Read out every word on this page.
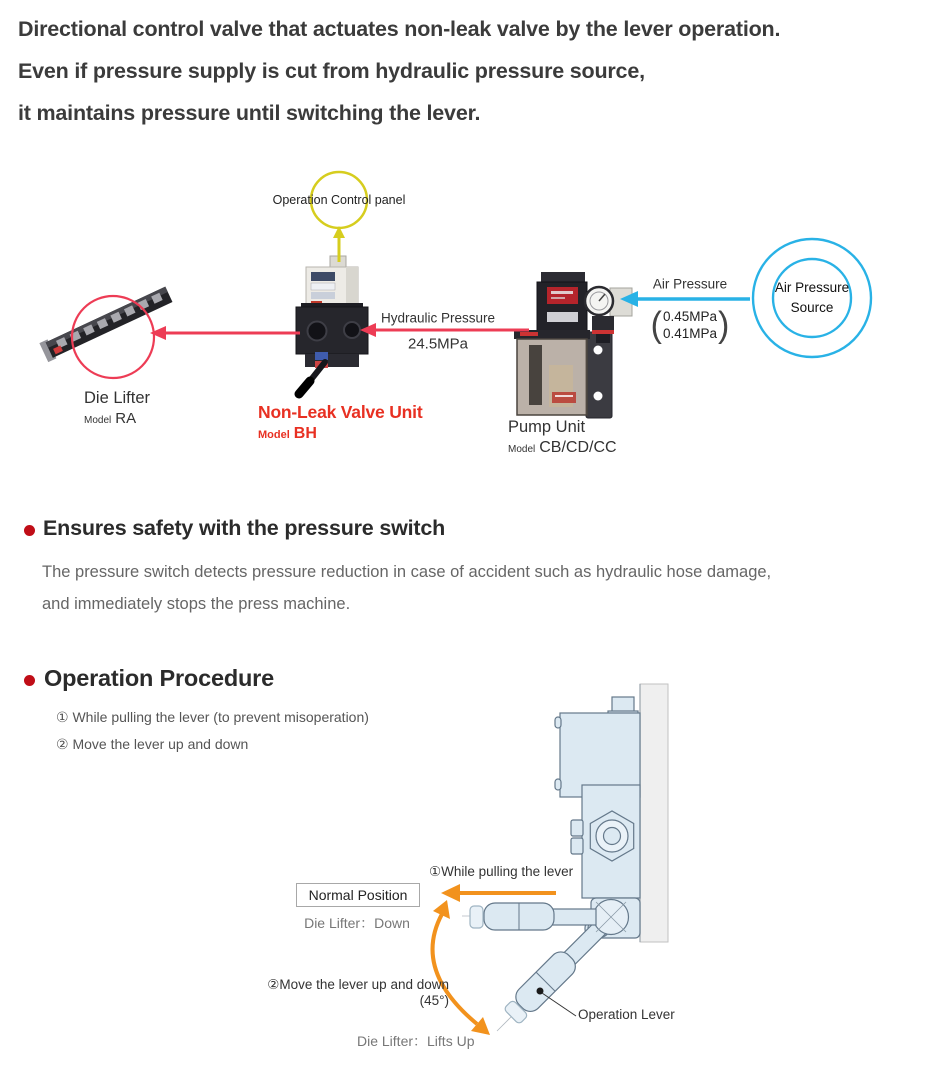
Directional control valve that actuates non-leak valve by the lever operation.
Even if pressure supply is cut from hydraulic pressure source,
it maintains pressure until switching the lever.
Operation Control panel
Hydraulic Pressure
24.5MPa
Air Pressure
( 0.45MPa
0.41MPa )
Air Pressure
Source
Die Lifter
Model RA	Non-Leak Valve Unit
Model BH	Pump Unit
Model CB/CD/CC
Ensures safety with the pressure switch
The pressure switch detects pressure reduction in case of accident such as hydraulic hose damage,
and immediately stops the press machine.
Operation Procedure
① While pulling the lever (to prevent misoperation)
② Move the lever up and down
①While pulling the lever
Normal Position
Die Lifter：Down
②Move the lever up and down (45°)
Die Lifter：Lifts Up
Operation Lever
